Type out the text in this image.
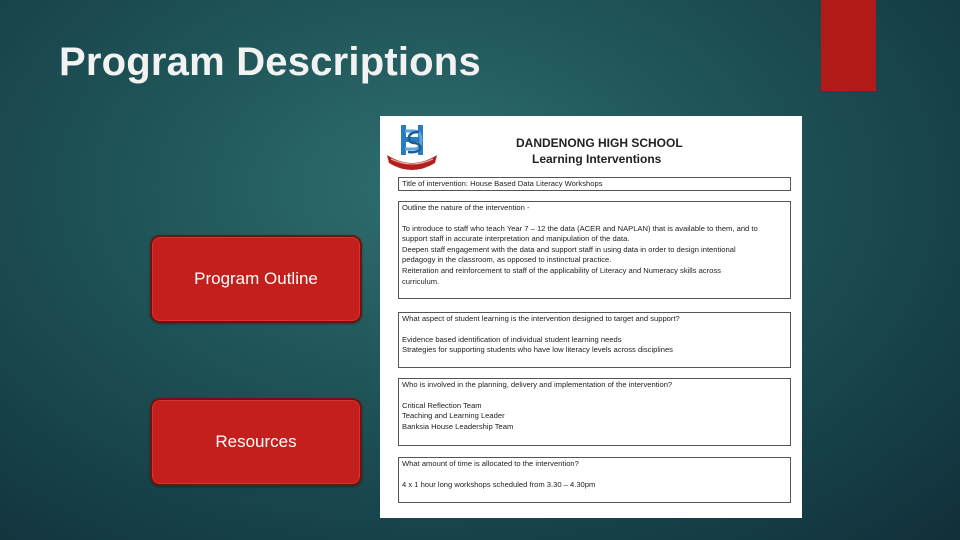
Program Descriptions
Program Outline
Resources
DANDENONG HIGH SCHOOL
Learning Interventions

Title of intervention: House Based Data Literacy Workshops

Outline the nature of the intervention -

To introduce to staff who teach Year 7 – 12 the data (ACER and NAPLAN) that is available to them, and to

support staff in accurate interpretation and manipulation of the data.

Deepen staff engagement with the data and support staff in using data in order to design intentional

pedagogy in the classroom, as opposed to instinctual practice.

Reiteration and reinforcement to staff of the applicability of Literacy and Numeracy skills across

curriculum.

What aspect of student learning is the intervention designed to target and support?

Evidence based identification of individual student learning needs

Strategies for supporting students who have low literacy levels across disciplines

Who is involved in the planning, delivery and implementation of the intervention?

Critical Reflection Team

Teaching and Learning Leader

Banksia House Leadership Team

What amount of time is allocated to the intervention?

4 x 1 hour long workshops scheduled from 3.30 – 4.30pm
